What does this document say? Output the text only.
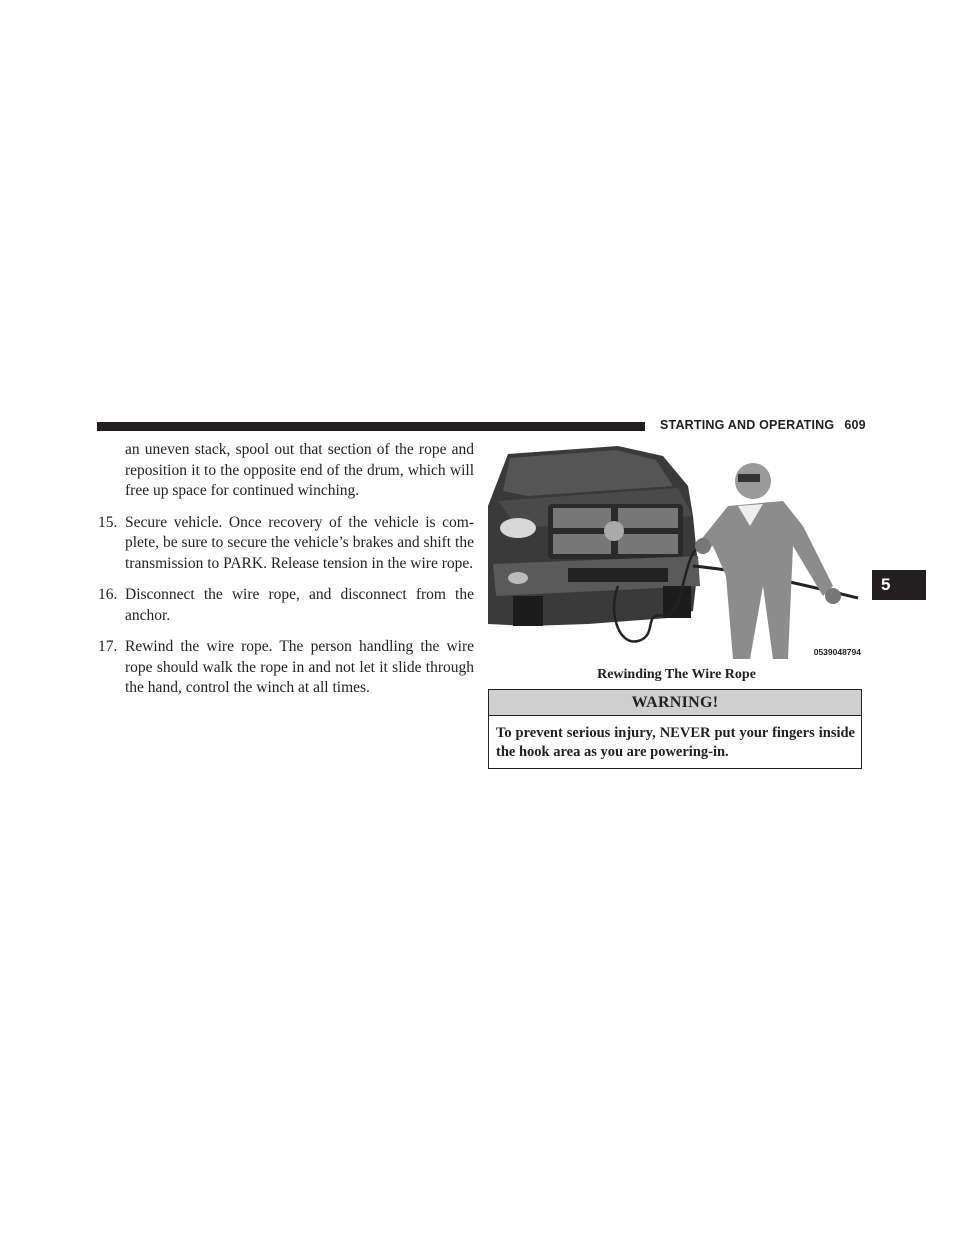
STARTING AND OPERATING 609
5

an uneven stack, spool out that section of the rope and reposition it to the opposite end of the drum, which will free up space for continued winching.

15. Secure vehicle. Once recovery of the vehicle is com-plete, be sure to secure the vehicle’s brakes and shift the transmission to PARK. Release tension in the wire rope.
16. Disconnect the wire rope, and disconnect from the anchor.
17. Rewind the wire rope. The person handling the wire rope should walk the rope in and not let it slide through the hand, control the winch at all times.
0539048794
Rewinding The Wire Rope
WARNING!
To prevent serious injury, NEVER put your fingers inside the hook area as you are powering-in.
